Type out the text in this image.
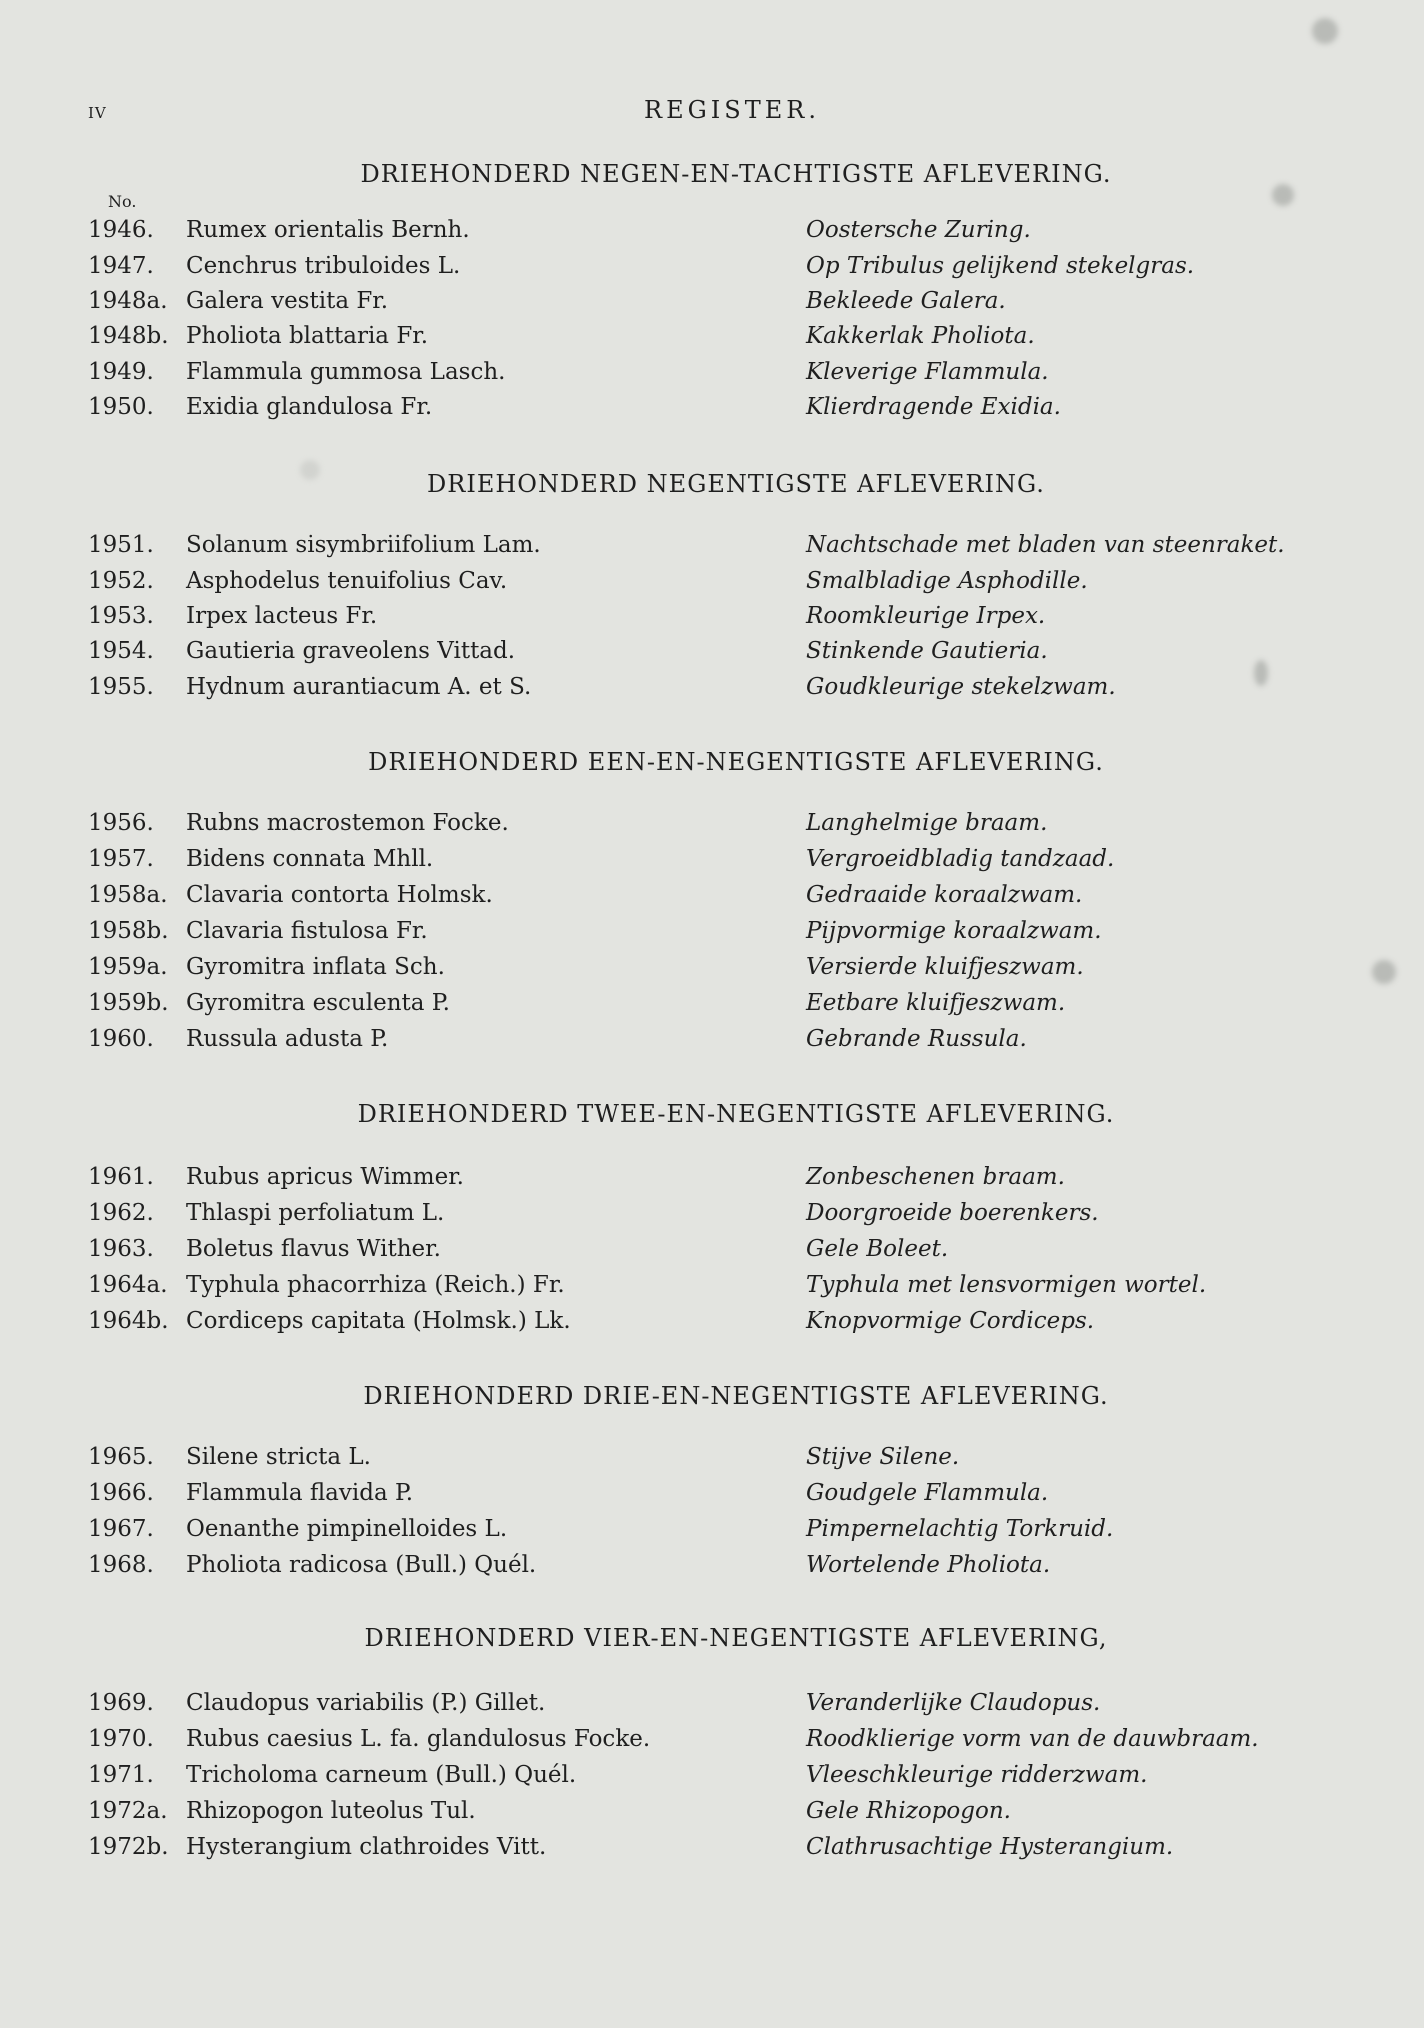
IV	REGISTER.
No.
DRIEHONDERD NEGEN-EN-TACHTIGSTE AFLEVERING.
1946. Rumex orientalis Bernh.	Oostersche Zuring.
1947. Cenchrus tribuloides L.	Op Tribulus gelijkend stekelgras.
1948a. Galera vestita Fr.	Bekleede Galera.
1948b. Pholiota blattaria Fr.	Kakkerlak Pholiota.
1949. Flammula gummosa Lasch.	Kleverige Flammula.
1950. Exidia glandulosa Fr.	Klierdragende Exidia.
DRIEHONDERD NEGENTIGSTE AFLEVERING.
1951. Solanum sisymbriifolium Lam.	Nachtschade met bladen van steenraket.
1952. Asphodelus tenuifolius Cav.	Smalbladige Asphodille.
1953. Irpex lacteus Fr.	Roomkleurige Irpex.
1954. Gautieria graveolens Vittad.	Stinkende Gautieria.
1955. Hydnum aurantiacum A. et S.	Goudkleurige stekelzwam.
DRIEHONDERD EEN-EN-NEGENTIGSTE AFLEVERING.
1956. Rubns macrostemon Focke.	Langhelmige braam.
1957. Bidens connata Mhll.	Vergroeidbladig tandzaad.
1958a. Clavaria contorta Holmsk.	Gedraaide koraalzwam.
1958b. Clavaria fistulosa Fr.	Pijpvormige koraalzwam.
1959a. Gyromitra inflata Sch.	Versierde kluifjeszwam.
1959b. Gyromitra esculenta P.	Eetbare kluifjeszwam.
1960. Russula adusta P.	Gebrande Russula.
DRIEHONDERD TWEE-EN-NEGENTIGSTE AFLEVERING.
1961. Rubus apricus Wimmer.	Zonbeschenen braam.
1962. Thlaspi perfoliatum L.	Doorgroeide boerenkers.
1963. Boletus flavus Wither.	Gele Boleet.
1964a. Typhula phacorrhiza (Reich.) Fr.	Typhula met lensvormigen wortel.
1964b. Cordiceps capitata (Holmsk.) Lk.	Knopvormige Cordiceps.
DRIEHONDERD DRIE-EN-NEGENTIGSTE AFLEVERING.
1965. Silene stricta L.	Stijve Silene.
1966. Flammula flavida P.	Goudgele Flammula.
1967. Oenanthe pimpinelloides L.	Pimpernelachtig Torkruid.
1968. Pholiota radicosa (Bull.) Quél.	Wortelende Pholiota.
DRIEHONDERD VIER-EN-NEGENTIGSTE AFLEVERING,
1969. Claudopus variabilis (P.) Gillet.	Veranderlijke Claudopus.
1970. Rubus caesius L. fa. glandulosus Focke.	Roodklierige vorm van de dauwbraam.
1971. Tricholoma carneum (Bull.) Quél.	Vleeschkleurige ridderzwam.
1972a. Rhizopogon luteolus Tul.	Gele Rhizopogon.
1972b. Hysterangium clathroides Vitt.	Clathrusachtige Hysterangium.
